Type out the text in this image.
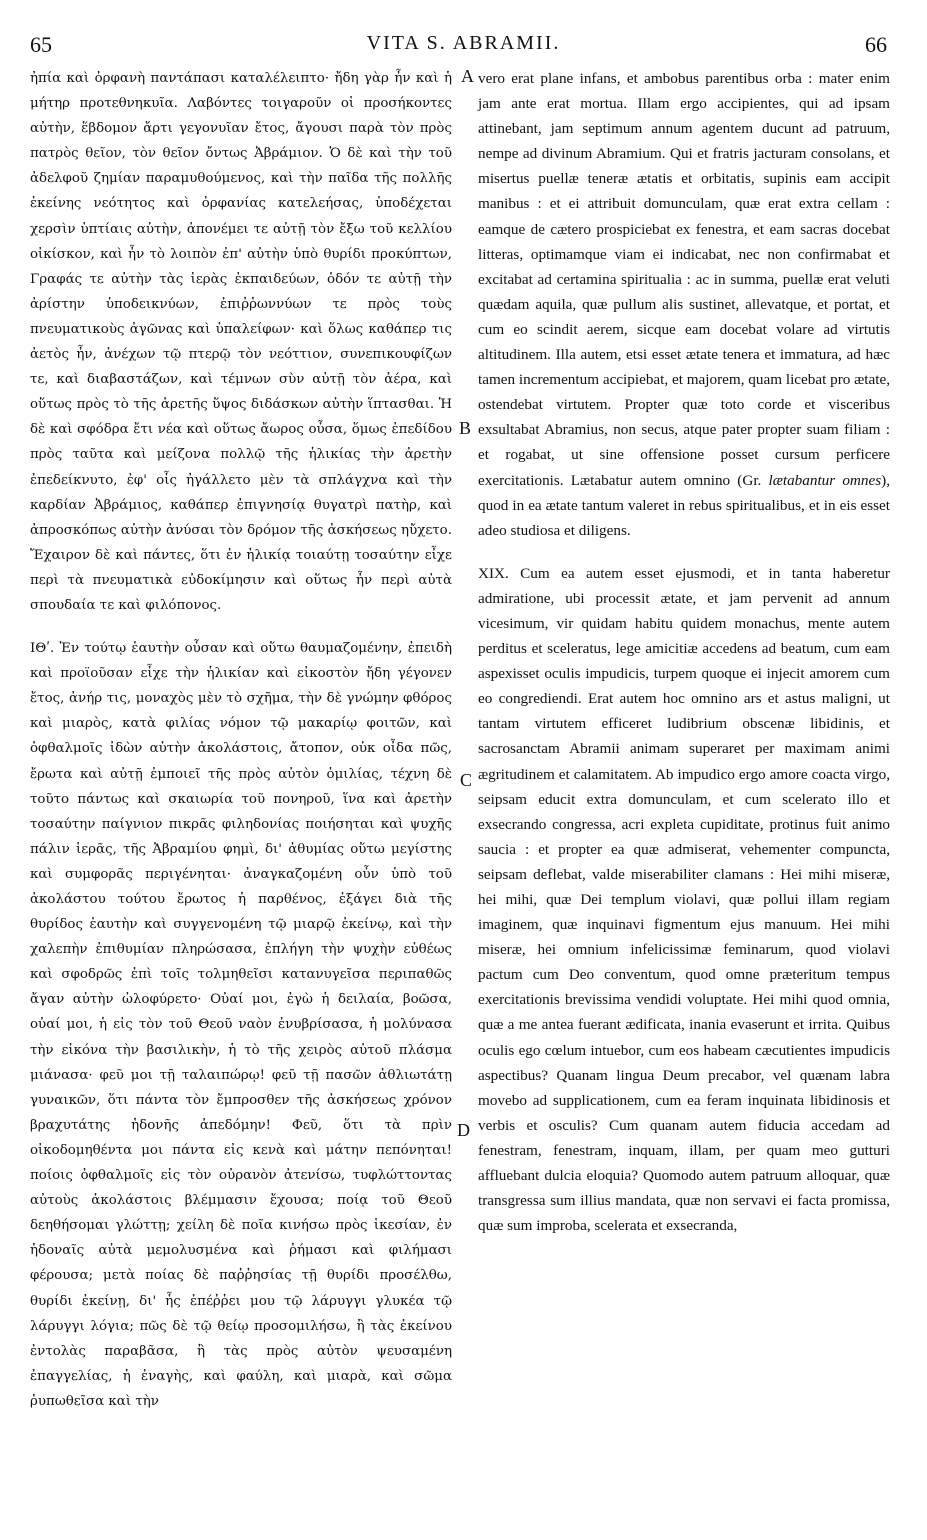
65	VITA S. ABRAMII.	66

ἠπία καὶ ὀρφανὴ παντάπασι καταλέλειπτο· ἤδη γὰρ ἦν καὶ ἡ μήτηρ προτεθνηκυῖα. Λαβόντες τοιγαροῦν οἱ προσήκοντες αὐτὴν, ἕβδομον ἄρτι γεγονυῖαν ἔτος, ἄγουσι παρὰ τὸν πρὸς πατρὸς θεῖον, τὸν θεῖον ὄντως Ἀβράμιον. Ὁ δὲ καὶ τὴν τοῦ ἀδελφοῦ ζημίαν παραμυθούμενος, καὶ τὴν παῖδα τῆς πολλῆς ἐκείνης νεότητος καὶ ὀρφανίας κατελεήσας, ὑποδέχεται χερσὶν ὑπτίαις αὐτὴν, ἀπονέμει τε αὐτῇ τὸν ἔξω τοῦ κελλίου οἰκίσκον, καὶ ἦν τὸ λοιπὸν ἐπ' αὐτὴν ὑπὸ θυρίδι προκύπτων, Γραφάς τε αὐτὴν τὰς ἱερὰς ἐκπαιδεύων, ὁδόν τε αὐτῇ τὴν ἀρίστην ὑποδεικνύων, ἐπιῤῥωννύων τε πρὸς τοὺς πνευματικοὺς ἀγῶνας καὶ ὑπαλείφων· καὶ ὅλως καθάπερ τις ἀετὸς ἦν, ἀνέχων τῷ πτερῷ τὸν νεόττιον, συνεπικουφίζων τε, καὶ διαβαστάζων, καὶ τέμνων σὺν αὐτῇ τὸν ἀέρα, καὶ οὕτως πρὸς τὸ τῆς ἀρετῆς ὕψος διδάσκων αὐτὴν ἵπτασθαι. Ἡ δὲ καὶ σφόδρα ἔτι νέα καὶ οὕτως ἄωρος οὖσα, ὅμως ἐπεδίδου πρὸς ταῦτα καὶ μείζονα πολλῷ τῆς ἡλικίας τὴν ἀρετὴν ἐπεδείκνυτο, ἐφ' οἷς ἠγάλλετο μὲν τὰ σπλάγχνα καὶ τὴν καρδίαν Ἀβράμιος, καθάπερ ἐπιγνησίᾳ θυγατρὶ πατὴρ, καὶ ἀπροσκόπως αὐτὴν ἀνύσαι τὸν δρόμον τῆς ἀσκήσεως ηὔχετο. Ἔχαιρον δὲ καὶ πάντες, ὅτι ἐν ἡλικίᾳ τοιαύτῃ τοσαύτην εἶχε περὶ τὰ πνευματικὰ εὐδοκίμησιν καὶ οὕτως ἦν περὶ αὐτὰ σπουδαία τε καὶ φιλόπονος.

ΙΘʹ. Ἐν τούτῳ ἑαυτὴν οὖσαν καὶ οὕτω θαυμαζομένην, ἐπειδὴ καὶ προϊοῦσαν εἶχε τὴν ἡλικίαν καὶ εἰκοστὸν ἤδη γέγονεν ἔτος, ἀνήρ τις, μοναχὸς μὲν τὸ σχῆμα, τὴν δὲ γνώμην φθόρος καὶ μιαρὸς, κατὰ φιλίας νόμον τῷ μακαρίῳ φοιτῶν, καὶ ὀφθαλμοῖς ἰδὼν αὐτὴν ἀκολάστοις, ἄτοπον, οὐκ οἶδα πῶς, ἔρωτα καὶ αὐτῇ ἐμποιεῖ τῆς πρὸς αὐτὸν ὁμιλίας, τέχνη δὲ τοῦτο πάντως καὶ σκαιωρία τοῦ πονηροῦ, ἵνα καὶ ἀρετὴν τοσαύτην παίγνιον πικρᾶς φιληδονίας ποιήσηται καὶ ψυχῆς πάλιν ἱερᾶς, τῆς Ἀβραμίου φημὶ, δι' ἀθυμίας οὕτω μεγίστης καὶ συμφορᾶς περιγένηται· ἀναγκαζομένη οὖν ὑπὸ τοῦ ἀκολάστου τούτου ἔρωτος ἡ παρθένος, ἐξάγει διὰ τῆς θυρίδος ἑαυτὴν καὶ συγγενομένη τῷ μιαρῷ ἐκείνῳ, καὶ τὴν χαλεπὴν ἐπιθυμίαν πληρώσασα, ἐπλήγη τὴν ψυχὴν εὐθέως καὶ σφοδρῶς ἐπὶ τοῖς τολμηθεῖσι κατανυγεῖσα περιπαθῶς ἄγαν αὐτὴν ὠλοφύρετο· Οὐαί μοι, ἐγὼ ἡ δειλαία, βοῶσα, οὐαί μοι, ἡ εἰς τὸν τοῦ Θεοῦ ναὸν ἐνυβρίσασα, ἡ μολύνασα τὴν εἰκόνα τὴν βασιλικὴν, ἡ τὸ τῆς χειρὸς αὐτοῦ πλάσμα μιάνασα· φεῦ μοι τῇ ταλαιπώρῳ! φεῦ τῇ πασῶν ἀθλιωτάτῃ γυναικῶν, ὅτι πάντα τὸν ἔμπροσθεν τῆς ἀσκήσεως χρόνον βραχυτάτης ἡδονῆς ἀπεδόμην! Φεῦ, ὅτι τὰ πρὶν οἰκοδομηθέντα μοι πάντα εἰς κενὰ καὶ μάτην πεπόνηται! ποίοις ὀφθαλμοῖς εἰς τὸν οὐρανὸν ἀτενίσω, τυφλώττοντας αὐτοὺς ἀκολάστοις βλέμμασιν ἔχουσα; ποίᾳ τοῦ Θεοῦ δεηθήσομαι γλώττῃ; χείλη δὲ ποῖα κινήσω πρὸς ἱκεσίαν, ἐν ἡδοναῖς αὐτὰ μεμολυσμένα καὶ ῥήμασι καὶ φιλήμασι φέρουσα; μετὰ ποίας δὲ παῤῥησίας τῇ θυρίδι προσέλθω, θυρίδι ἐκείνῃ, δι' ἧς ἐπέῤῥει μου τῷ λάρυγγι γλυκέα τῷ λάρυγγι λόγια; πῶς δὲ τῷ θείῳ προσομιλήσω, ἢ τὰς ἐκείνου ἐντολὰς παραβᾶσα, ἢ τὰς πρὸς αὐτὸν ψευσαμένη ἐπαγγελίας, ἡ ἐναγὴς, καὶ φαύλη, καὶ μιαρὰ, καὶ σῶμα ῥυπωθεῖσα καὶ τὴν

A
B
C
D

vero erat plane infans, et ambobus parentibus orba : mater enim jam ante erat mortua. Illam ergo accipientes, qui ad ipsam attinebant, jam septimum annum agentem ducunt ad patruum, nempe ad divinum Abramium. Qui et fratris jacturam consolans, et misertus puellæ teneræ ætatis et orbitatis, supinis eam accipit manibus : et ei attribuit domunculam, quæ erat extra cellam : eamque de cætero prospiciebat ex fenestra, et eam sacras docebat litteras, optimamque viam ei indicabat, nec non confirmabat et excitabat ad certamina spiritualia : ac in summa, puellæ erat veluti quædam aquila, quæ pullum alis sustinet, allevatque, et portat, et cum eo scindit aerem, sicque eam docebat volare ad virtutis altitudinem. Illa autem, etsi esset ætate tenera et immatura, ad hæc tamen incrementum accipiebat, et majorem, quam licebat pro ætate, ostendebat virtutem. Propter quæ toto corde et visceribus exsultabat Abramius, non secus, atque pater propter suam filiam : et rogabat, ut sine offensione posset cursum perficere exercitationis. Lætabatur autem omnino (Gr. lætabantur omnes), quod in ea ætate tantum valeret in rebus spiritualibus, et in eis esset adeo studiosa et diligens.

XIX. Cum ea autem esset ejusmodi, et in tanta haberetur admiratione, ubi processit ætate, et jam pervenit ad annum vicesimum, vir quidam habitu quidem monachus, mente autem perditus et sceleratus, lege amicitiæ accedens ad beatum, cum eam aspexisset oculis impudicis, turpem quoque ei injecit amorem cum eo congrediendi. Erat autem hoc omnino ars et astus maligni, ut tantam virtutem efficeret ludibrium obscenæ libidinis, et sacrosanctam Abramii animam superaret per maximam animi ægritudinem et calamitatem. Ab impudico ergo amore coacta virgo, seipsam educit extra domunculam, et cum scelerato illo et exsecrando congressa, acri expleta cupiditate, protinus fuit animo saucia : et propter ea quæ admiserat, vehementer compuncta, seipsam deflebat, valde miserabiliter clamans : Hei mihi miseræ, hei mihi, quæ Dei templum violavi, quæ pollui illam regiam imaginem, quæ inquinavi figmentum ejus manuum. Hei mihi miseræ, hei omnium infelicissimæ feminarum, quod violavi pactum cum Deo conventum, quod omne præteritum tempus exercitationis brevissima vendidi voluptate. Hei mihi quod omnia, quæ a me antea fuerant ædificata, inania evaserunt et irrita. Quibus oculis ego cœlum intuebor, cum eos habeam cæcutientes impudicis aspectibus? Quanam lingua Deum precabor, vel quænam labra movebo ad supplicationem, cum ea feram inquinata libidinosis et verbis et osculis? Cum quanam autem fiducia accedam ad fenestram, fenestram, inquam, illam, per quam meo gutturi affluebant dulcia eloquia? Quomodo autem patruum alloquar, quæ transgressa sum illius mandata, quæ non servavi ei facta promissa, quæ sum improba, scelerata et exsecranda,
